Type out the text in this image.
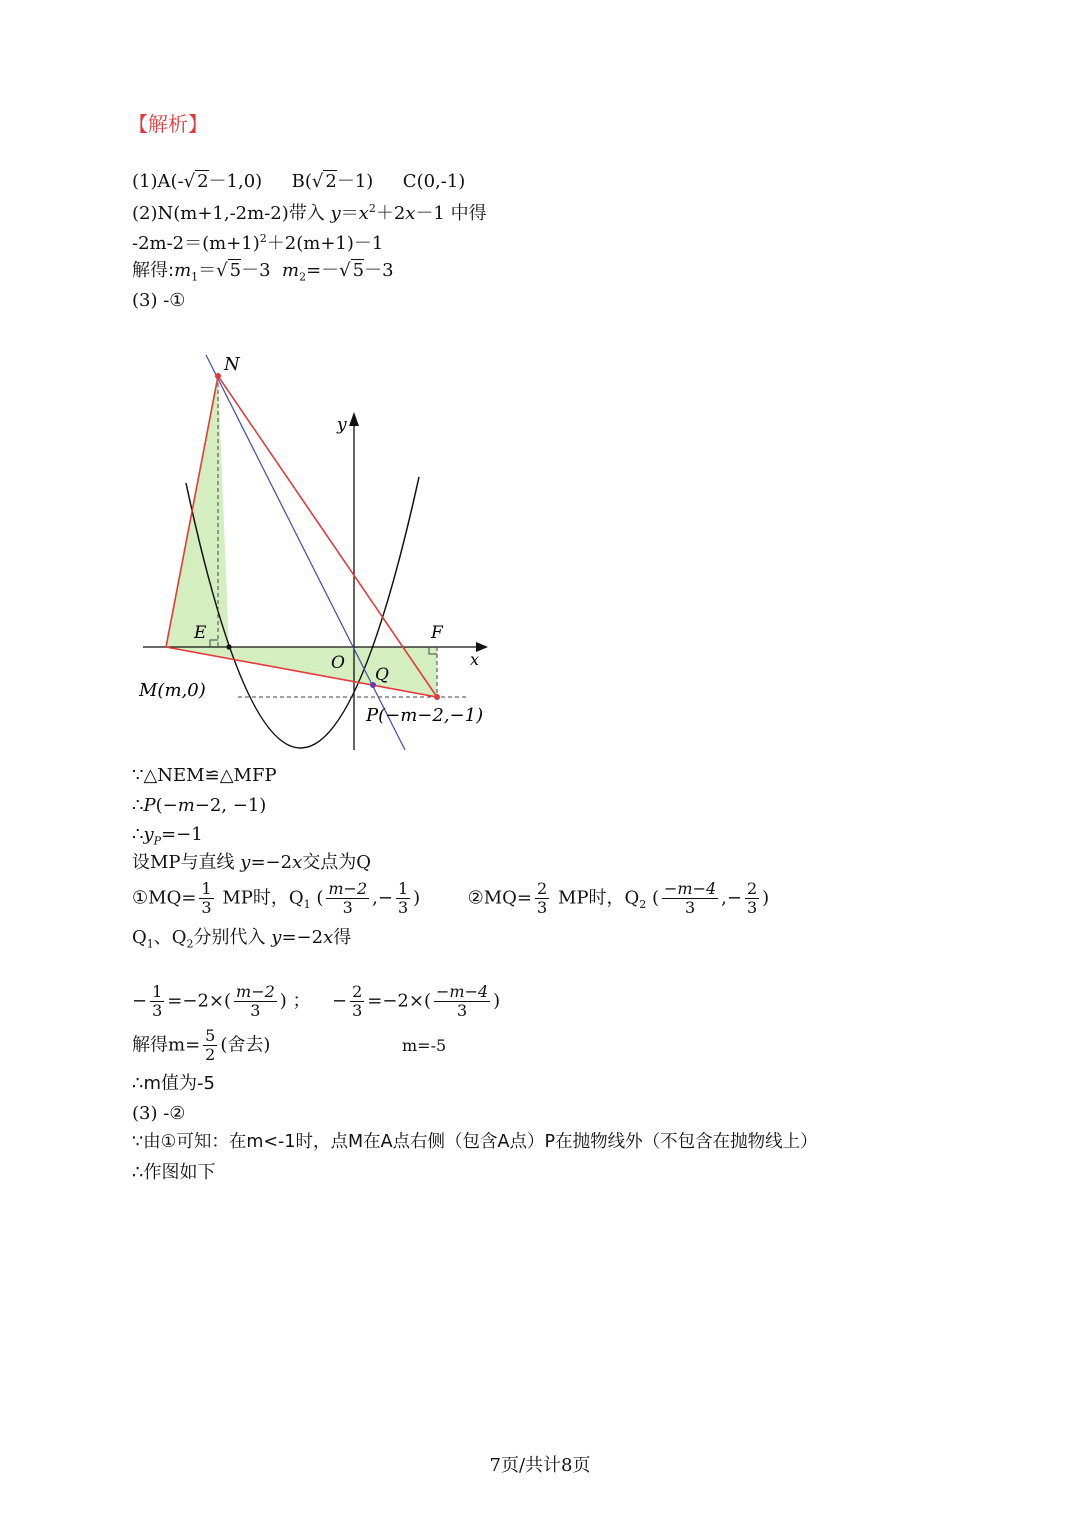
【解析】
(1)A(-√ 2－1,0) B(√ 2－1) C(0,-1)
(2)N(m+1,-2m-2)带入 $y=x^2+2x-1$ 中得
$-2m-2=(m+1)^2+2(m+1)-1$
解得$:m_1=√$ 5－3  $m_2=-√$ 5－3
(3) -①
N
y
E	F
O
Q
x
M(m,0)
P(−m−2,−1)
∵△NEM≌△MFP
∴P(−m−2, −1)
$\therefore y_P=-1$
设MP与直线 y=−2x交点为Q
①MQ= $\frac{1}{3}$ MP时，$Q_1$ ( $\frac{m-2}{3}$ ,− $\frac{1}{3}$ )  ②MQ= $\frac{2}{3}$ MP时，$Q_2$ ( $\frac{-m-4}{3}$ ,− $\frac{2}{3}$ )
$Q_1$、$Q_2$分别代入 y=−2x得
− $\frac{1}{3} =-2\times( \frac{m-2}{3}$ ) ；  − $\frac{2}{3} =-2\times( \frac{-m-4}{3}$ )
解得$m= \frac{5}{2}$ (舍去)	m=-5
∴m值为-5
(3) -②
∵由①可知：在m<-1时，点M在A点右侧（包含A点）P在抛物线外（不包含在抛物线上）
∴作图如下
7页/共计8页
